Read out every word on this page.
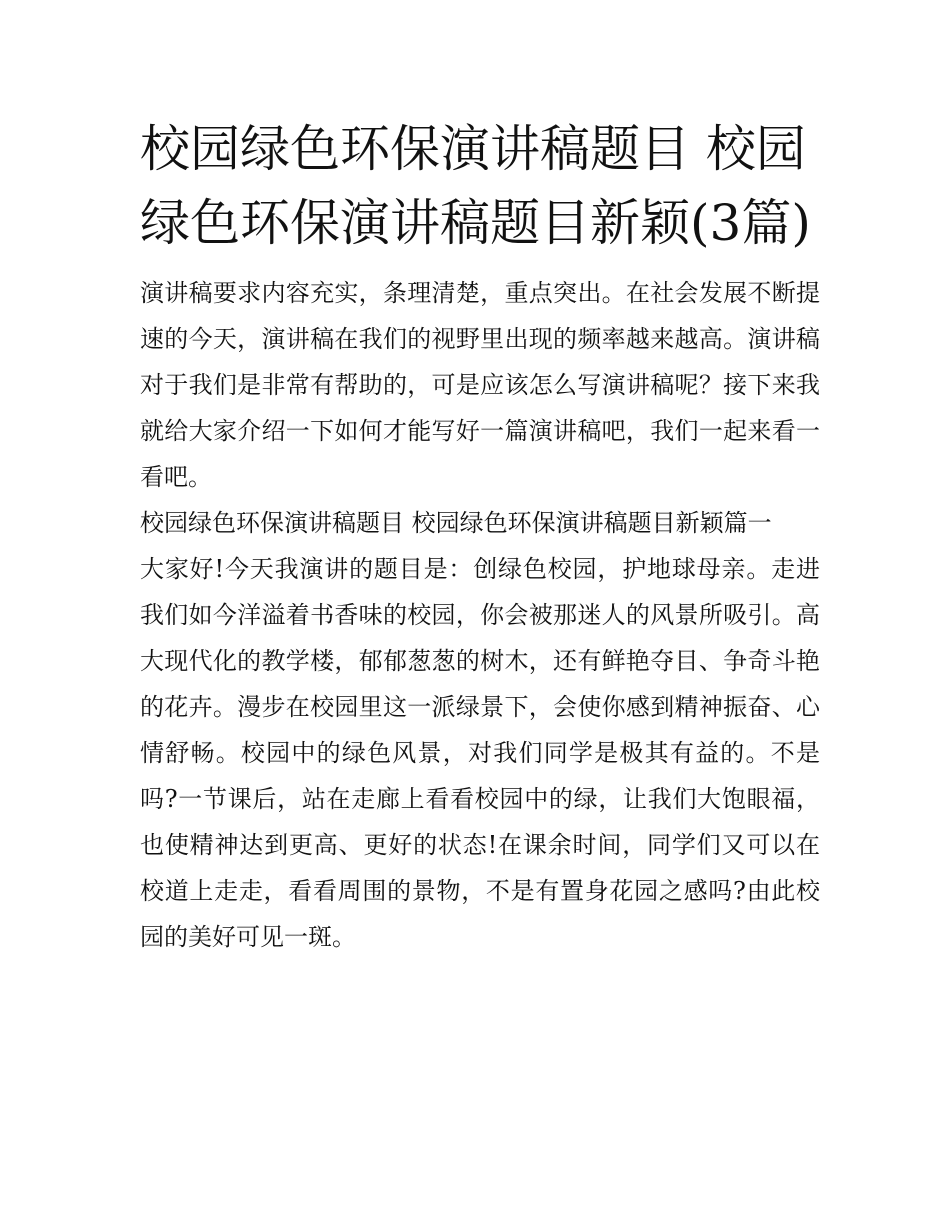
校园绿色环保演讲稿题目 校园绿色环保演讲稿题目新颖(3篇)

演讲稿要求内容充实，条理清楚，重点突出。在社会发展不断提速的今天，演讲稿在我们的视野里出现的频率越来越高。演讲稿对于我们是非常有帮助的，可是应该怎么写演讲稿呢？接下来我就给大家介绍一下如何才能写好一篇演讲稿吧，我们一起来看一看吧。

校园绿色环保演讲稿题目 校园绿色环保演讲稿题目新颖篇一

大家好!今天我演讲的题目是：创绿色校园，护地球母亲。走进我们如今洋溢着书香味的校园，你会被那迷人的风景所吸引。高大现代化的教学楼，郁郁葱葱的树木，还有鲜艳夺目、争奇斗艳的花卉。漫步在校园里这一派绿景下，会使你感到精神振奋、心情舒畅。校园中的绿色风景，对我们同学是极其有益的。不是吗?一节课后，站在走廊上看看校园中的绿，让我们大饱眼福，也使精神达到更高、更好的状态!在课余时间，同学们又可以在校道上走走，看看周围的景物，不是有置身花园之感吗?由此校园的美好可见一斑。
